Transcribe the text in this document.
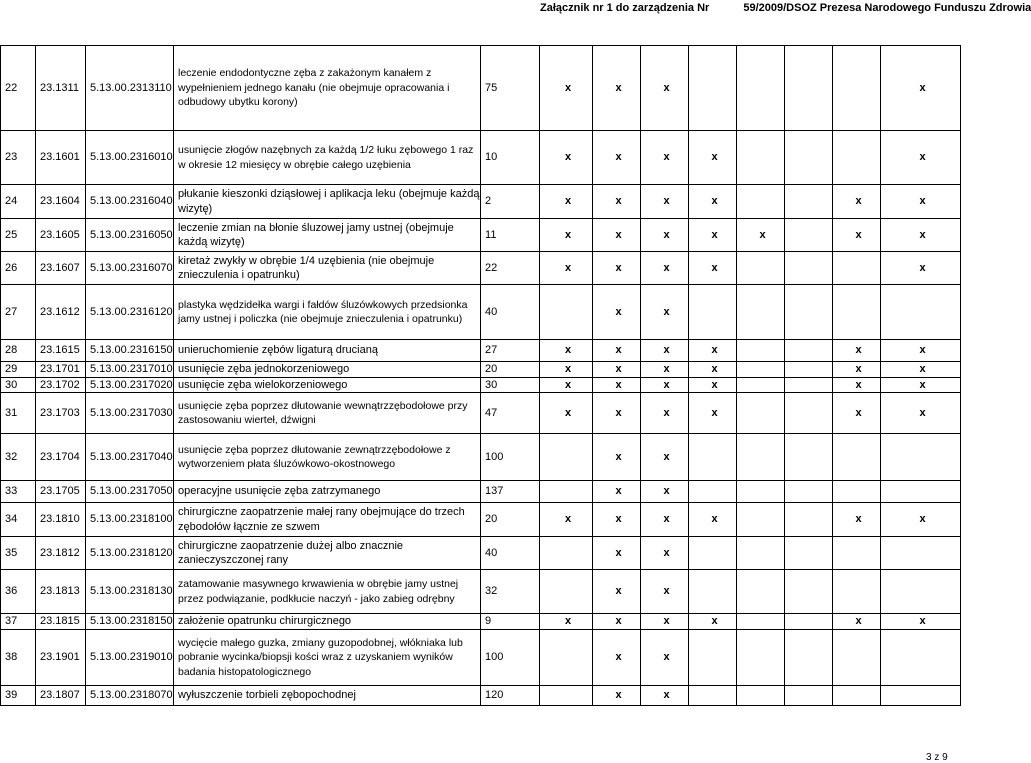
Załącznik nr 1 do zarządzenia Nr	59/2009/DSOZ Prezesa Narodowego Funduszu Zdrowia
22	23.1311	5.13.00.2313110	leczenie endodontyczne zęba z zakażonym kanałem z wypełnieniem jednego kanału (nie obejmuje opracowania i odbudowy ubytku korony)	75	x	x	x					x
23	23.1601	5.13.00.2316010	usunięcie złogów nazębnych za każdą 1/2 łuku zębowego 1 raz w okresie 12 miesięcy w obrębie całego uzębienia	10	x	x	x	x				x
24	23.1604	5.13.00.2316040	płukanie kieszonki dziąsłowej i aplikacja leku (obejmuje każdą wizytę)	2	x	x	x	x			x	x
25	23.1605	5.13.00.2316050	leczenie zmian na błonie śluzowej jamy ustnej (obejmuje każdą wizytę)	11	x	x	x	x	x		x	x
26	23.1607	5.13.00.2316070	kiretaż zwykły w obrębie 1/4 uzębienia (nie obejmuje znieczulenia i opatrunku)	22	x	x	x	x				x
27	23.1612	5.13.00.2316120	plastyka wędzidełka wargi i fałdów śluzówkowych przedsionka jamy ustnej i policzka (nie obejmuje znieczulenia i opatrunku)	40		x	x					
28	23.1615	5.13.00.2316150	unieruchomienie zębów ligaturą drucianą	27	x	x	x	x			x	x
29	23.1701	5.13.00.2317010	usunięcie zęba jednokorzeniowego	20	x	x	x	x			x	x
30	23.1702	5.13.00.2317020	usunięcie zęba wielokorzeniowego	30	x	x	x	x			x	x
31	23.1703	5.13.00.2317030	usunięcie zęba poprzez dłutowanie wewnątrzzębodołowe przy zastosowaniu wierteł, dźwigni	47	x	x	x	x			x	x
32	23.1704	5.13.00.2317040	usunięcie zęba poprzez dłutowanie zewnątrzzębodołowe z wytworzeniem płata śluzówkowo-okostnowego	100		x	x					
33	23.1705	5.13.00.2317050	operacyjne usunięcie zęba zatrzymanego	137		x	x					
34	23.1810	5.13.00.2318100	chirurgiczne zaopatrzenie małej rany obejmujące do trzech zębodołów łącznie ze szwem	20	x	x	x	x			x	x
35	23.1812	5.13.00.2318120	chirurgiczne zaopatrzenie dużej albo znacznie zanieczyszczonej rany	40		x	x					
36	23.1813	5.13.00.2318130	zatamowanie masywnego krwawienia w obrębie jamy ustnej przez podwiązanie, podkłucie naczyń - jako zabieg odrębny	32		x	x					
37	23.1815	5.13.00.2318150	założenie opatrunku chirurgicznego	9	x	x	x	x			x	x
38	23.1901	5.13.00.2319010	wycięcie małego guzka, zmiany guzopodobnej, włókniaka lub pobranie wycinka/biopsji kości wraz z uzyskaniem wyników badania histopatologicznego	100		x	x					
39	23.1807	5.13.00.2318070	wyłuszczenie torbieli zębopochodnej	120		x	x					
3 z 9
